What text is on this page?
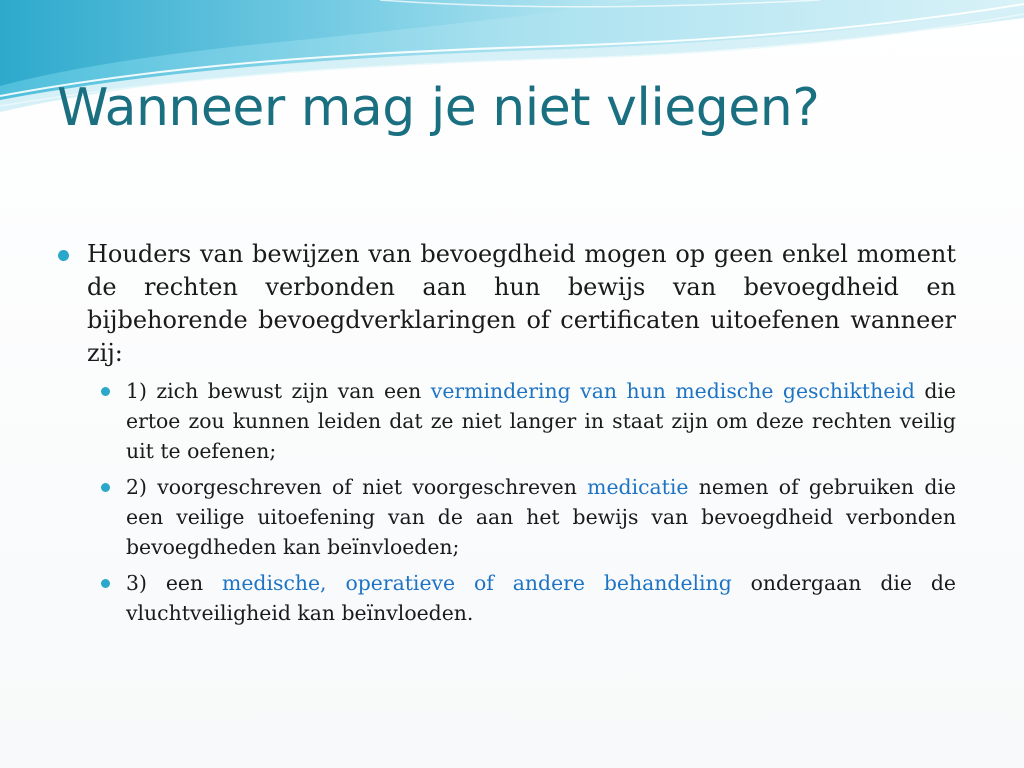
Wanneer mag je niet vliegen?

Houders van bewijzen van bevoegdheid mogen op geen enkel moment de rechten verbonden aan hun bewijs van bevoegdheid en bijbehorende bevoegdverklaringen of certificaten uitoefenen wanneer zij:

1) zich bewust zijn van een vermindering van hun medische geschiktheid die ertoe zou kunnen leiden dat ze niet langer in staat zijn om deze rechten veilig uit te oefenen;

2) voorgeschreven of niet voorgeschreven medicatie nemen of gebruiken die een veilige uitoefening van de aan het bewijs van bevoegdheid verbonden bevoegdheden kan beïnvloeden;

3) een medische, operatieve of andere behandeling ondergaan die de vluchtveiligheid kan beïnvloeden.
